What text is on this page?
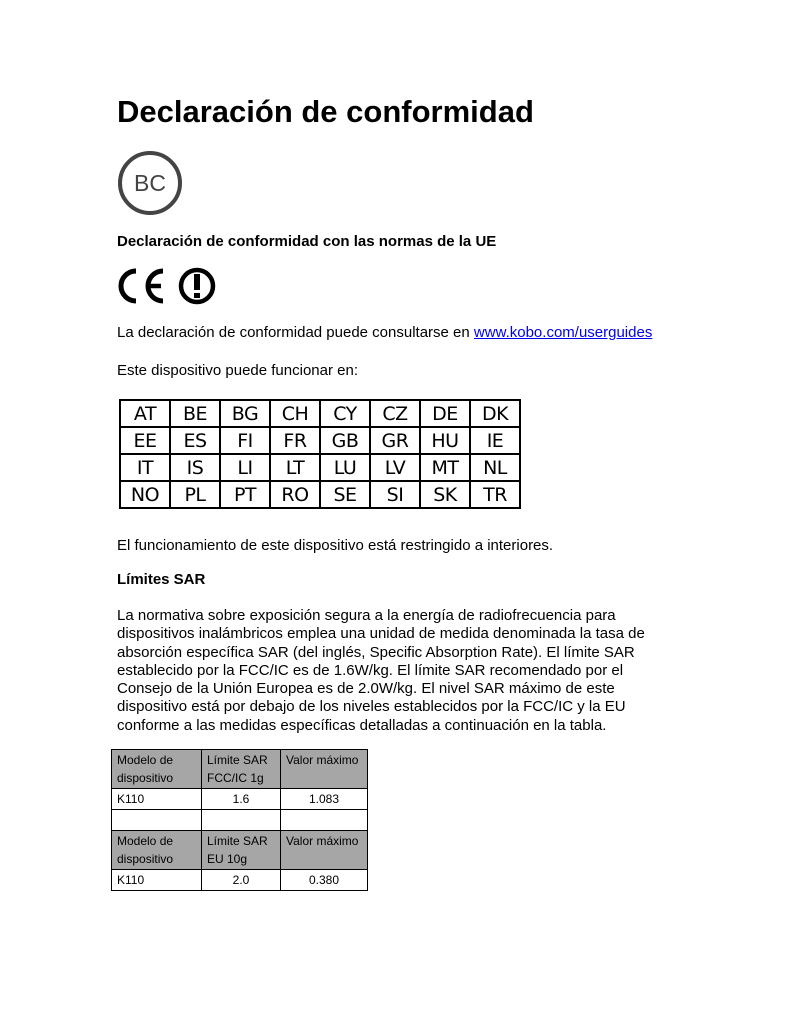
Declaración de conformidad
BC
Declaración de conformidad con las normas de la UE

La declaración de conformidad puede consultarse en www.kobo.com/userguides

Este dispositivo puede funcionar en:

AT	BE	BG	CH	CY	CZ	DE	DK
EE	ES	FI	FR	GB	GR	HU	IE
IT	IS	LI	LT	LU	LV	MT	NL
NO	PL	PT	RO	SE	SI	SK	TR

El funcionamiento de este dispositivo está restringido a interiores.

Límites SAR
La normativa sobre exposición segura a la energía de radiofrecuencia para
dispositivos inalámbricos emplea una unidad de medida denominada la tasa de
absorción específica SAR (del inglés, Specific Absorption Rate). El límite SAR
establecido por la FCC/IC es de 1.6W/kg. El límite SAR recomendado por el
Consejo de la Unión Europea es de 2.0W/kg. El nivel SAR máximo de este
dispositivo está por debajo de los niveles establecidos por la FCC/IC y la EU
conforme a las medidas específicas detalladas a continuación en la tabla.
Modelo de dispositivo	Límite SAR FCC/IC 1g	Valor máximo
K110	1.6	1.083

Modelo de dispositivo	Límite SAR EU 10g	Valor máximo
K110	2.0	0.380
